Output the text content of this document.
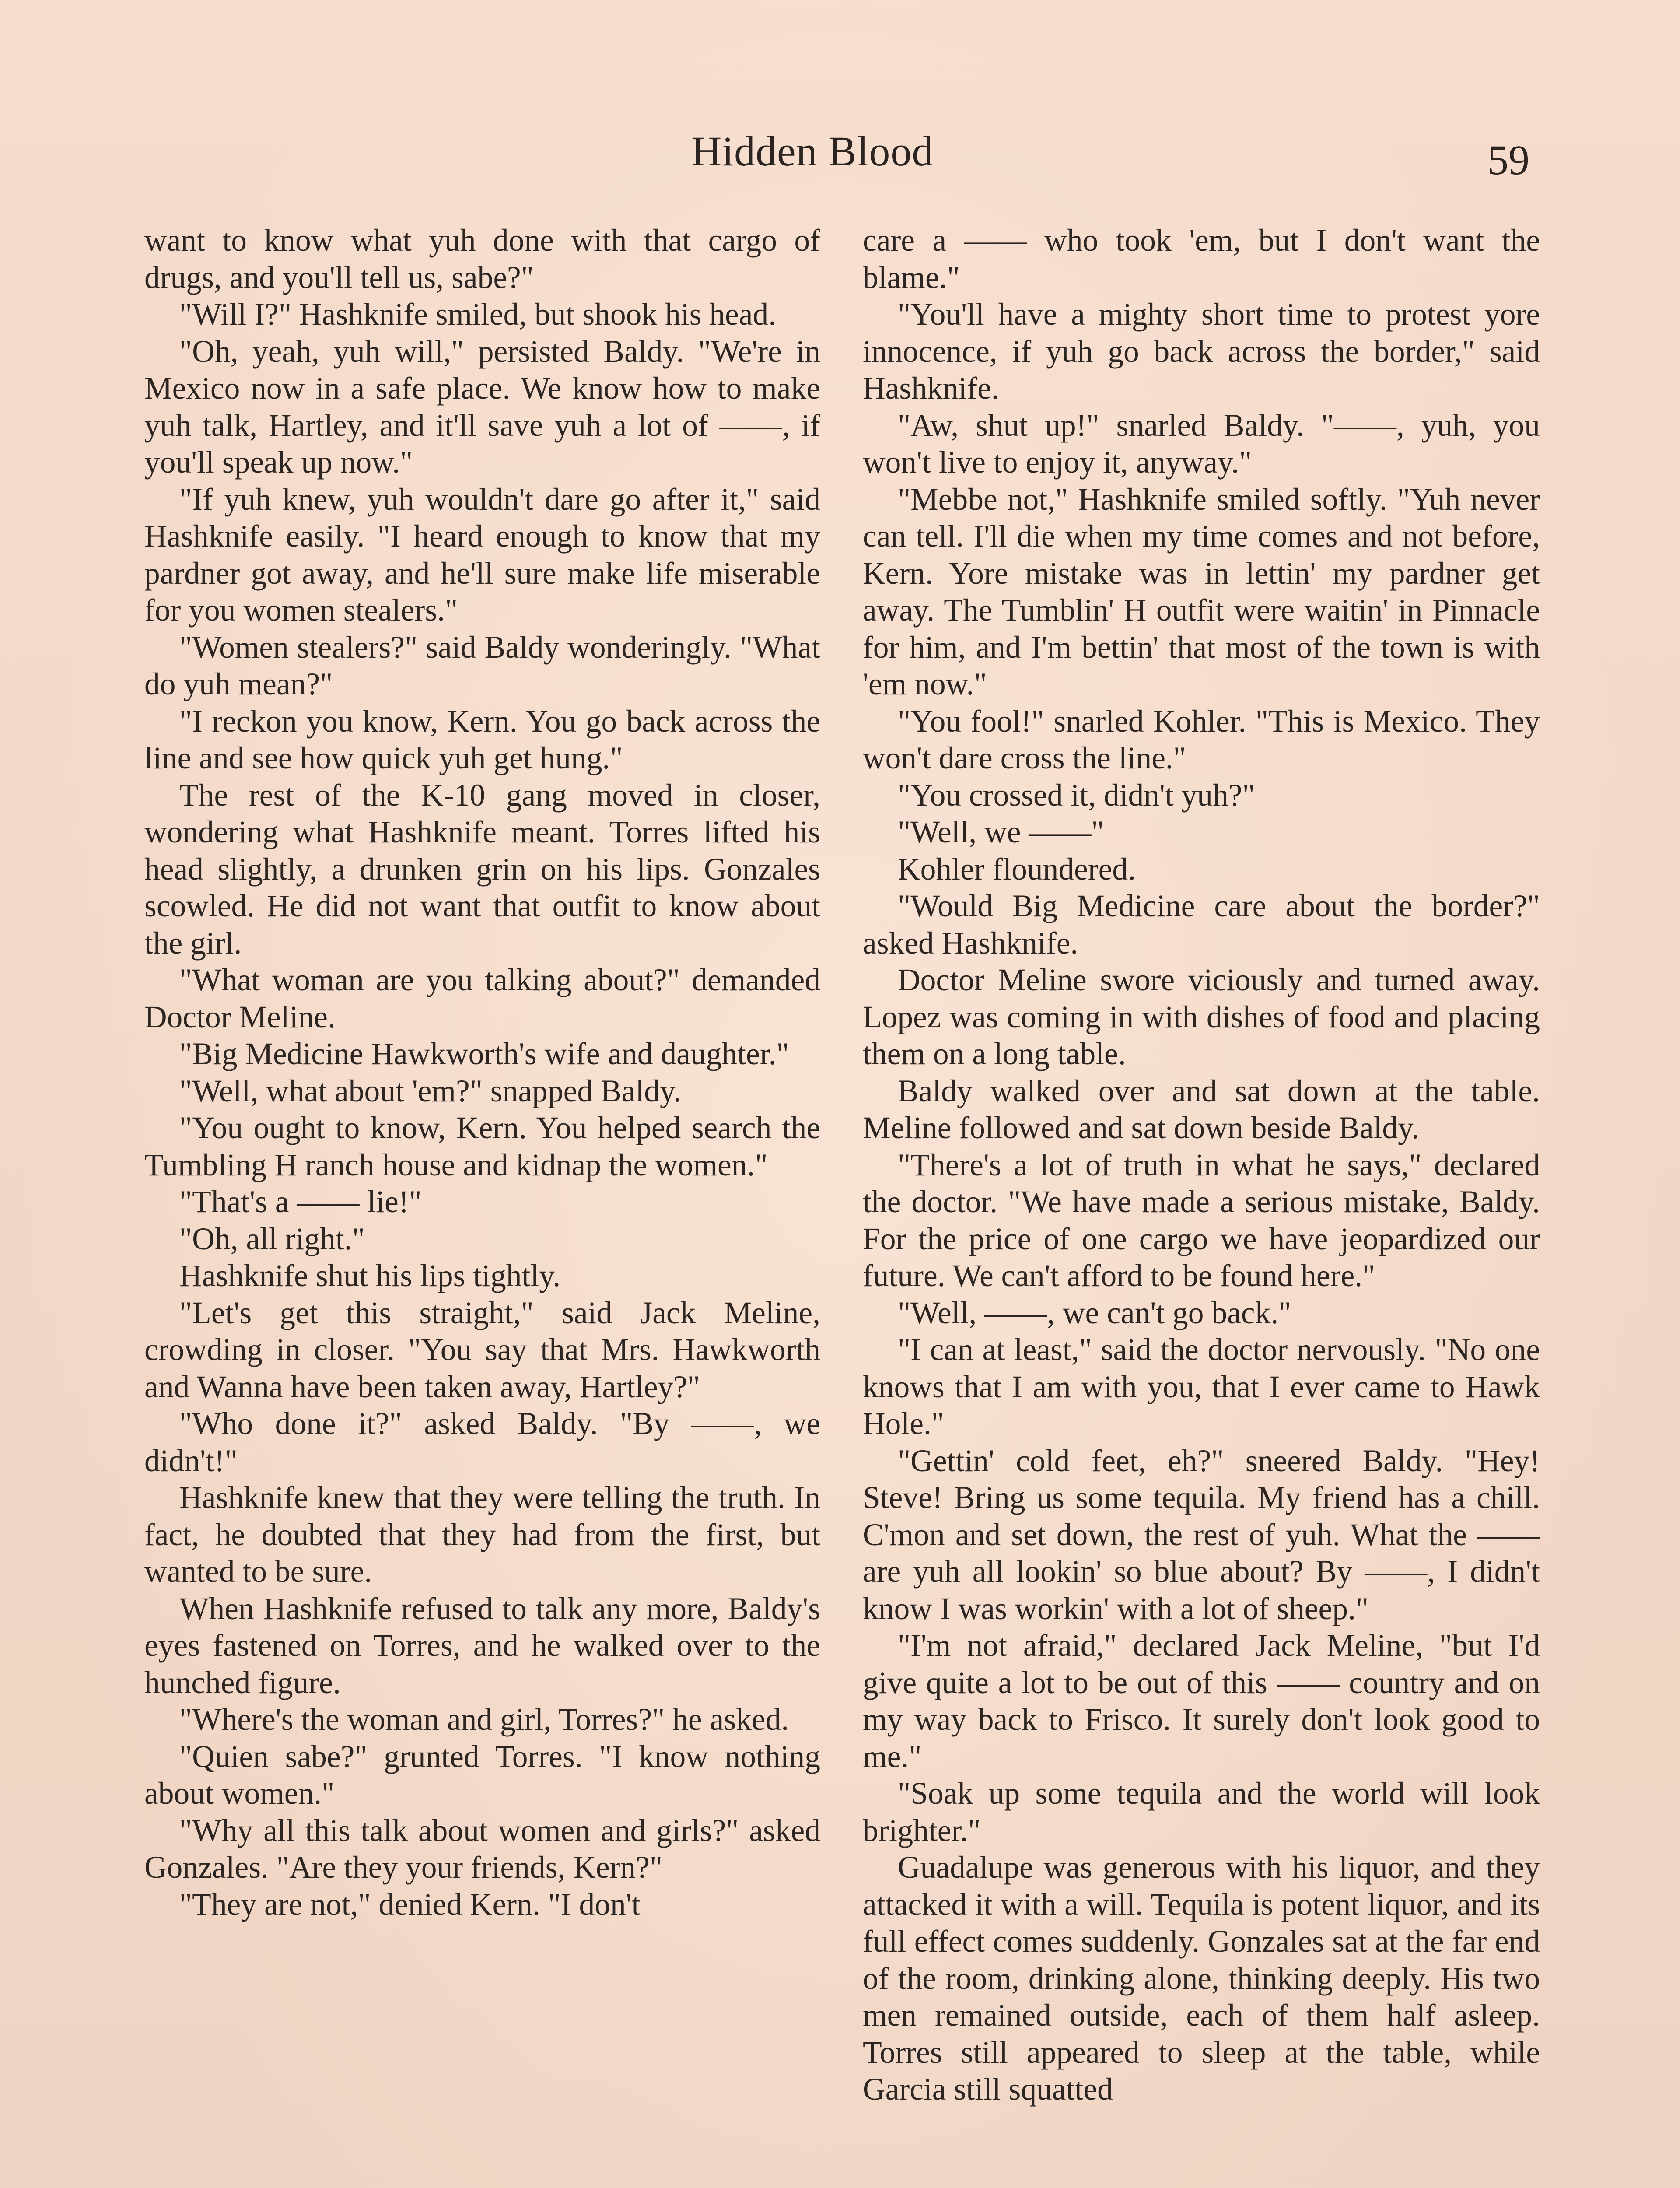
Hidden Blood	59

want to know what yuh done with that cargo of drugs, and you'll tell us, sabe?"

"Will I?" Hashknife smiled, but shook his head.

"Oh, yeah, yuh will," persisted Baldy. "We're in Mexico now in a safe place. We know how to make yuh talk, Hartley, and it'll save yuh a lot of ——, if you'll speak up now."

"If yuh knew, yuh wouldn't dare go after it," said Hashknife easily. "I heard enough to know that my pardner got away, and he'll sure make life miserable for you women stealers."

"Women stealers?" said Baldy wonderingly. "What do yuh mean?"

"I reckon you know, Kern. You go back across the line and see how quick yuh get hung."

The rest of the K-10 gang moved in closer, wondering what Hashknife meant. Torres lifted his head slightly, a drunken grin on his lips. Gonzales scowled. He did not want that outfit to know about the girl.

"What woman are you talking about?" demanded Doctor Meline.

"Big Medicine Hawkworth's wife and daughter."

"Well, what about 'em?" snapped Baldy.

"You ought to know, Kern. You helped search the Tumbling H ranch house and kidnap the women."

"That's a —— lie!"

"Oh, all right."

Hashknife shut his lips tightly.

"Let's get this straight," said Jack Meline, crowding in closer. "You say that Mrs. Hawkworth and Wanna have been taken away, Hartley?"

"Who done it?" asked Baldy. "By ——, we didn't!"

Hashknife knew that they were telling the truth. In fact, he doubted that they had from the first, but wanted to be sure.

When Hashknife refused to talk any more, Baldy's eyes fastened on Torres, and he walked over to the hunched figure.

"Where's the woman and girl, Torres?" he asked.

"Quien sabe?" grunted Torres. "I know nothing about women."

"Why all this talk about women and girls?" asked Gonzales. "Are they your friends, Kern?"

"They are not," denied Kern. "I don't

care a —— who took 'em, but I don't want the blame."

"You'll have a mighty short time to protest yore innocence, if yuh go back across the border," said Hashknife.

"Aw, shut up!" snarled Baldy. "——, yuh, you won't live to enjoy it, anyway."

"Mebbe not," Hashknife smiled softly. "Yuh never can tell. I'll die when my time comes and not before, Kern. Yore mistake was in lettin' my pardner get away. The Tumblin' H outfit were waitin' in Pinnacle for him, and I'm bettin' that most of the town is with 'em now."

"You fool!" snarled Kohler. "This is Mexico. They won't dare cross the line."

"You crossed it, didn't yuh?"

"Well, we ——"

Kohler floundered.

"Would Big Medicine care about the border?" asked Hashknife.

Doctor Meline swore viciously and turned away. Lopez was coming in with dishes of food and placing them on a long table.

Baldy walked over and sat down at the table. Meline followed and sat down beside Baldy.

"There's a lot of truth in what he says," declared the doctor. "We have made a serious mistake, Baldy. For the price of one cargo we have jeopardized our future. We can't afford to be found here."

"Well, ——, we can't go back."

"I can at least," said the doctor nervously. "No one knows that I am with you, that I ever came to Hawk Hole."

"Gettin' cold feet, eh?" sneered Baldy. "Hey! Steve! Bring us some tequila. My friend has a chill. C'mon and set down, the rest of yuh. What the —— are yuh all lookin' so blue about? By ——, I didn't know I was workin' with a lot of sheep."

"I'm not afraid," declared Jack Meline, "but I'd give quite a lot to be out of this —— country and on my way back to Frisco. It surely don't look good to me."

"Soak up some tequila and the world will look brighter."

Guadalupe was generous with his liquor, and they attacked it with a will. Tequila is potent liquor, and its full effect comes suddenly. Gonzales sat at the far end of the room, drinking alone, thinking deeply. His two men remained outside, each of them half asleep. Torres still appeared to sleep at the table, while Garcia still squatted
